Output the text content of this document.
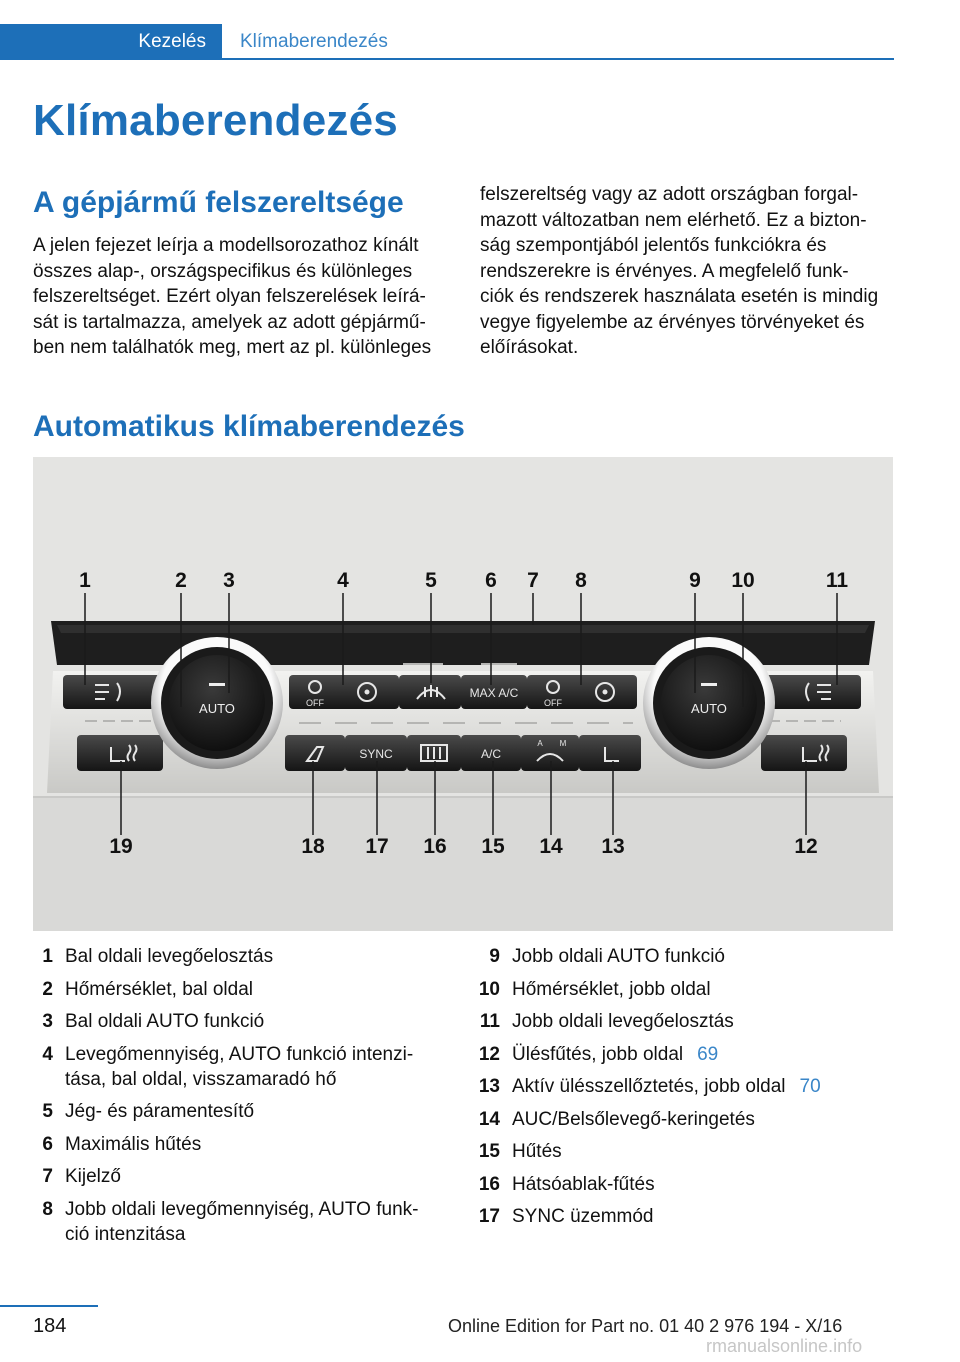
Kezelés	Klímaberendezés
Klímaberendezés
A gépjármű felszereltsége
A jelen fejezet leírja a modellsorozathoz kínált
összes alap-, országspecifikus és különleges
felszereltséget. Ezért olyan felszerelések leírá-
sát is tartalmazza, amelyek az adott gépjármű-
ben nem találhatók meg, mert az pl. különleges
felszereltség vagy az adott országban forgal-
mazott változatban nem elérhető. Ez a bizton-
ság szempontjából jelentős funkciókra és
rendszerekre is érvényes. A megfelelő funk-
ciók és rendszerek használata esetén is mindig
vegye figyelembe az érvényes törvényeket és
előírásokat.
Automatikus klímaberendezés
AUTO	AUTO
OFF
MAX A/C
OFF
SYNC	A/C
A M
1	2 3	4	5 6 7 8	9 10	11
19	18 17 16 15 14 13	12
1 Bal oldali levegőelosztás
2 Hőmérséklet, bal oldal
3 Bal oldali AUTO funkció
4 Levegőmennyiség, AUTO funkció intenzi-
tása, bal oldal, visszamaradó hő
5 Jég- és páramentesítő
6 Maximális hűtés
7 Kijelző
8 Jobb oldali levegőmennyiség, AUTO funk-
ció intenzitása
9 Jobb oldali AUTO funkció
10 Hőmérséklet, jobb oldal
11 Jobb oldali levegőelosztás
12 Ülésfűtés, jobb oldal 69
13 Aktív ülésszellőztetés, jobb oldal 70
14 AUC/Belsőlevegő-keringetés
15 Hűtés
16 Hátsóablak-fűtés
17 SYNC üzemmód
184	Online Edition for Part no. 01 40 2 976 194 - X/16
rmanualsonline.info
